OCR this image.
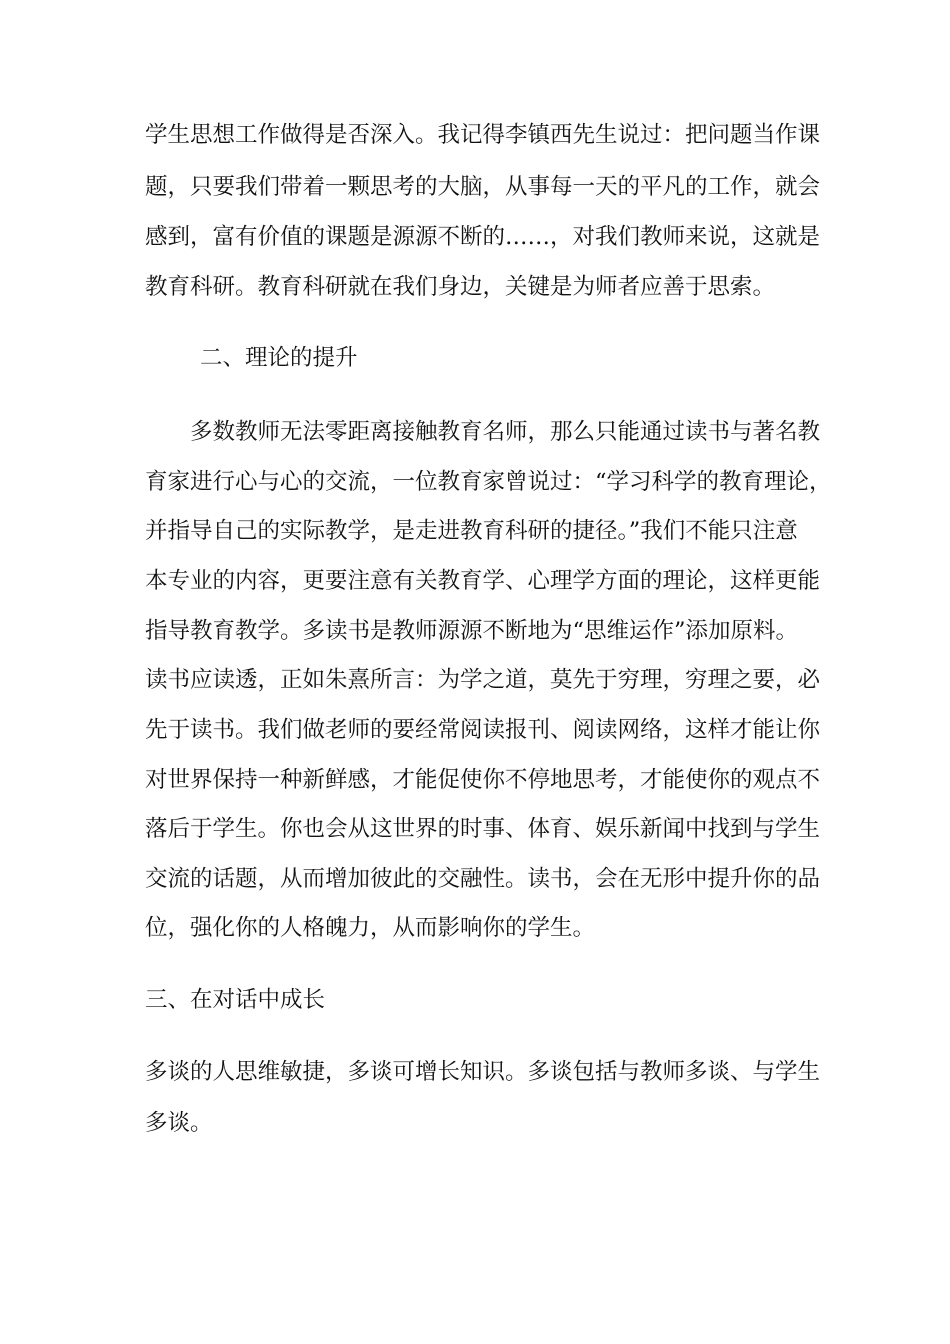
学生思想工作做得是否深入。我记得李镇西先生说过：把问题当作课
题，只要我们带着一颗思考的大脑，从事每一天的平凡的工作，就会
感到，富有价值的课题是源源不断的……，对我们教师来说，这就是
教育科研。教育科研就在我们身边，关键是为师者应善于思索。
二、理论的提升
多数教师无法零距离接触教育名师，那么只能通过读书与著名教
育家进行心与心的交流，一位教育家曾说过：“学习科学的教育理论，
并指导自己的实际教学，是走进教育科研的捷径。”我们不能只注意
本专业的内容，更要注意有关教育学、心理学方面的理论，这样更能
指导教育教学。多读书是教师源源不断地为“思维运作”添加原料。
读书应读透，正如朱熹所言：为学之道，莫先于穷理，穷理之要，必
先于读书。我们做老师的要经常阅读报刊、阅读网络，这样才能让你
对世界保持一种新鲜感，才能促使你不停地思考，才能使你的观点不
落后于学生。你也会从这世界的时事、体育、娱乐新闻中找到与学生
交流的话题，从而增加彼此的交融性。读书，会在无形中提升你的品
位，强化你的人格魄力，从而影响你的学生。
三、在对话中成长
多谈的人思维敏捷，多谈可增长知识。多谈包括与教师多谈、与学生
多谈。
